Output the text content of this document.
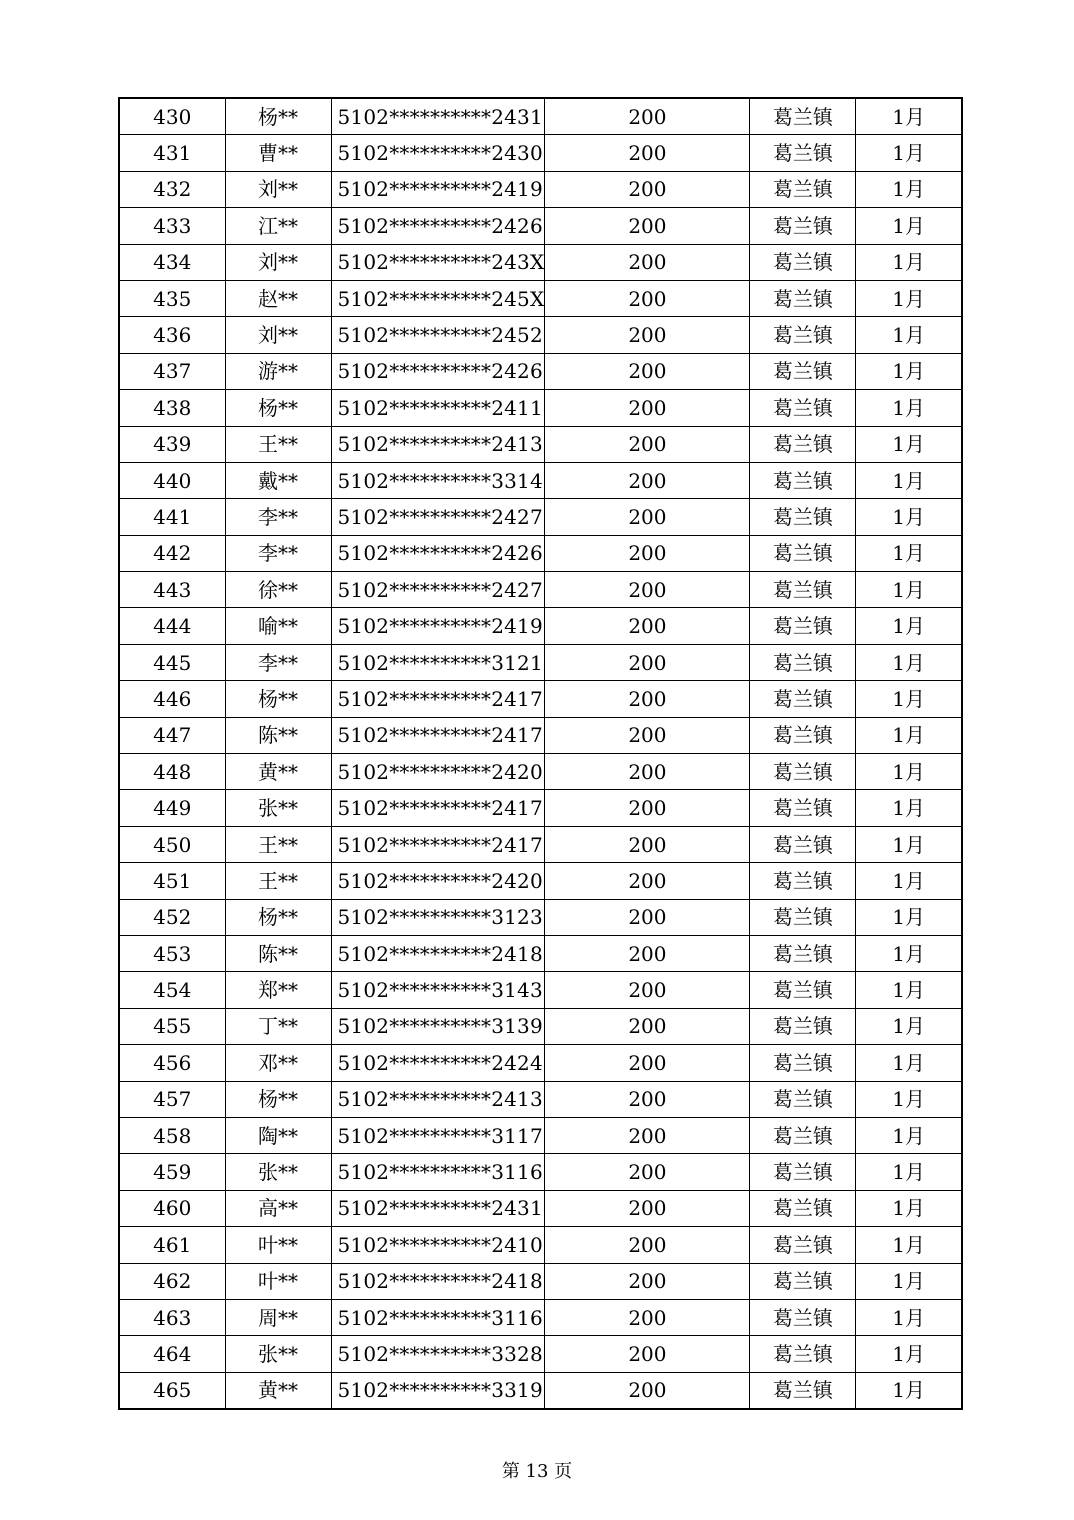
430	杨**	5102**********2431	200	葛兰镇	1月
431	曹**	5102**********2430	200	葛兰镇	1月
432	刘**	5102**********2419	200	葛兰镇	1月
433	江**	5102**********2426	200	葛兰镇	1月
434	刘**	5102**********243X	200	葛兰镇	1月
435	赵**	5102**********245X	200	葛兰镇	1月
436	刘**	5102**********2452	200	葛兰镇	1月
437	游**	5102**********2426	200	葛兰镇	1月
438	杨**	5102**********2411	200	葛兰镇	1月
439	王**	5102**********2413	200	葛兰镇	1月
440	戴**	5102**********3314	200	葛兰镇	1月
441	李**	5102**********2427	200	葛兰镇	1月
442	李**	5102**********2426	200	葛兰镇	1月
443	徐**	5102**********2427	200	葛兰镇	1月
444	喻**	5102**********2419	200	葛兰镇	1月
445	李**	5102**********3121	200	葛兰镇	1月
446	杨**	5102**********2417	200	葛兰镇	1月
447	陈**	5102**********2417	200	葛兰镇	1月
448	黄**	5102**********2420	200	葛兰镇	1月
449	张**	5102**********2417	200	葛兰镇	1月
450	王**	5102**********2417	200	葛兰镇	1月
451	王**	5102**********2420	200	葛兰镇	1月
452	杨**	5102**********3123	200	葛兰镇	1月
453	陈**	5102**********2418	200	葛兰镇	1月
454	郑**	5102**********3143	200	葛兰镇	1月
455	丁**	5102**********3139	200	葛兰镇	1月
456	邓**	5102**********2424	200	葛兰镇	1月
457	杨**	5102**********2413	200	葛兰镇	1月
458	陶**	5102**********3117	200	葛兰镇	1月
459	张**	5102**********3116	200	葛兰镇	1月
460	高**	5102**********2431	200	葛兰镇	1月
461	叶**	5102**********2410	200	葛兰镇	1月
462	叶**	5102**********2418	200	葛兰镇	1月
463	周**	5102**********3116	200	葛兰镇	1月
464	张**	5102**********3328	200	葛兰镇	1月
465	黄**	5102**********3319	200	葛兰镇	1月
第 13 页
